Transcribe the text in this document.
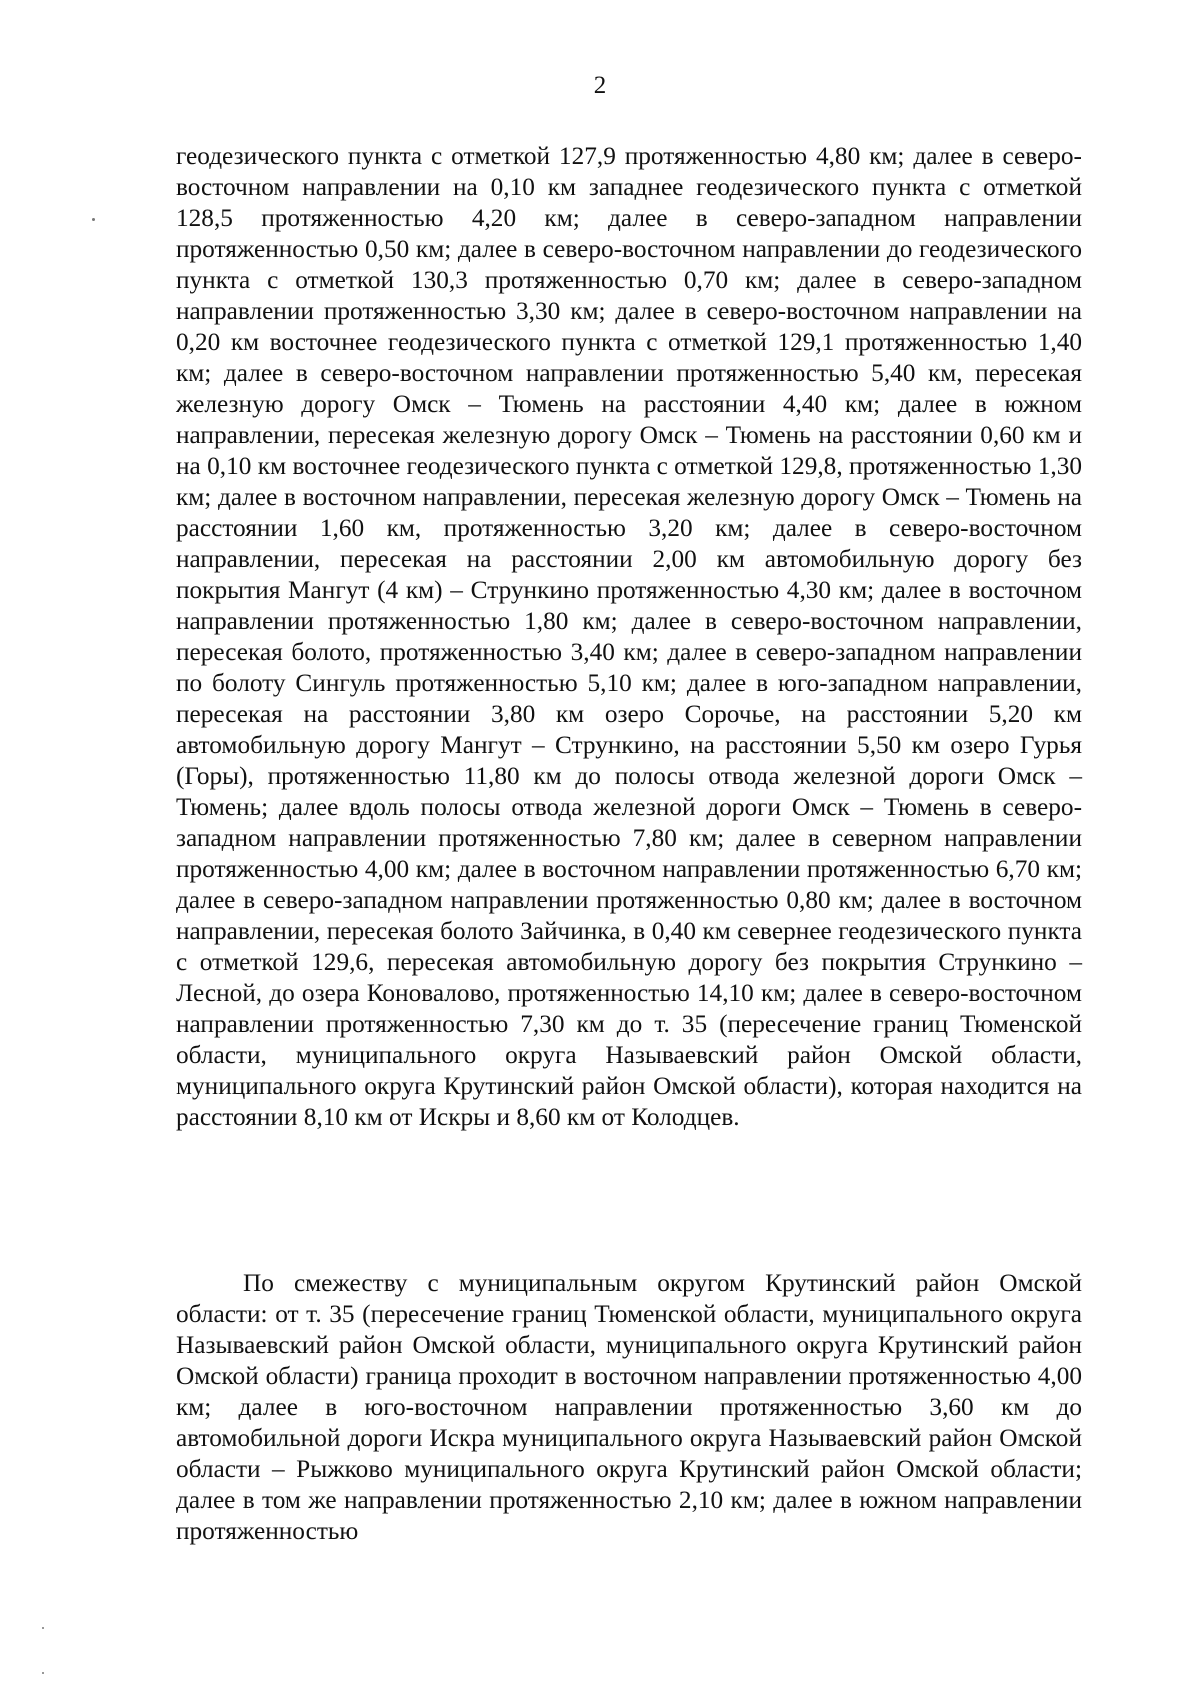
2

геодезического пункта с отметкой 127,9 протяженностью 4,80 км; далее в северо-восточном направлении на 0,10 км западнее геодезического пункта с отметкой 128,5 протяженностью 4,20 км; далее в северо-западном направлении протяженностью 0,50 км; далее в северо-восточном направлении до геодезического пункта с отметкой 130,3 протяженностью 0,70 км; далее в северо-западном направлении протяженностью 3,30 км; далее в северо-восточном направлении на 0,20 км восточнее геодезического пункта с отметкой 129,1 протяженностью 1,40 км; далее в северо-восточном направлении протяженностью 5,40 км, пересекая железную дорогу Омск – Тюмень на расстоянии 4,40 км; далее в южном направлении, пересекая железную дорогу Омск – Тюмень на расстоянии 0,60 км и на 0,10 км восточнее геодезического пункта с отметкой 129,8, протяженностью 1,30 км; далее в восточном направлении, пересекая железную дорогу Омск – Тюмень на расстоянии 1,60 км, протяженностью 3,20 км; далее в северо-восточном направлении, пересекая на расстоянии 2,00 км автомобильную дорогу без покрытия Мангут (4 км) – Стрункино протяженностью 4,30 км; далее в восточном направлении протяженностью 1,80 км; далее в северо-восточном направлении, пересекая болото, протяженностью 3,40 км; далее в северо-западном направлении по болоту Сингуль протяженностью 5,10 км; далее в юго-западном направлении, пересекая на расстоянии 3,80 км озеро Сорочье, на расстоянии 5,20 км автомобильную дорогу Мангут – Стрункино, на расстоянии 5,50 км озеро Гурья (Горы), протяженностью 11,80 км до полосы отвода железной дороги Омск – Тюмень; далее вдоль полосы отвода железной дороги Омск – Тюмень в северо-западном направлении протяженностью 7,80 км; далее в северном направлении протяженностью 4,00 км; далее в восточном направлении протяженностью 6,70 км; далее в северо-западном направлении протяженностью 0,80 км; далее в восточном направлении, пересекая болото Зайчинка, в 0,40 км севернее геодезического пункта с отметкой 129,6, пересекая автомобильную дорогу без покрытия Стрункино – Лесной, до озера Коновалово, протяженностью 14,10 км; далее в северо-восточном направлении протяженностью 7,30 км до т. 35 (пересечение границ Тюменской области, муниципального округа Называевский район Омской области, муниципального округа Крутинский район Омской области), которая находится на расстоянии 8,10 км от Искры и 8,60 км от Колодцев.

По смежеству с муниципальным округом Крутинский район Омской области: от т. 35 (пересечение границ Тюменской области, муниципального округа Называевский район Омской области, муниципального округа Крутинский район Омской области) граница проходит в восточном направлении протяженностью 4,00 км; далее в юго-восточном направлении протяженностью 3,60 км до автомобильной дороги Искра муниципального округа Называевский район Омской области – Рыжково муниципального округа Крутинский район Омской области; далее в том же направлении протяженностью 2,10 км; далее в южном направлении протяженностью
